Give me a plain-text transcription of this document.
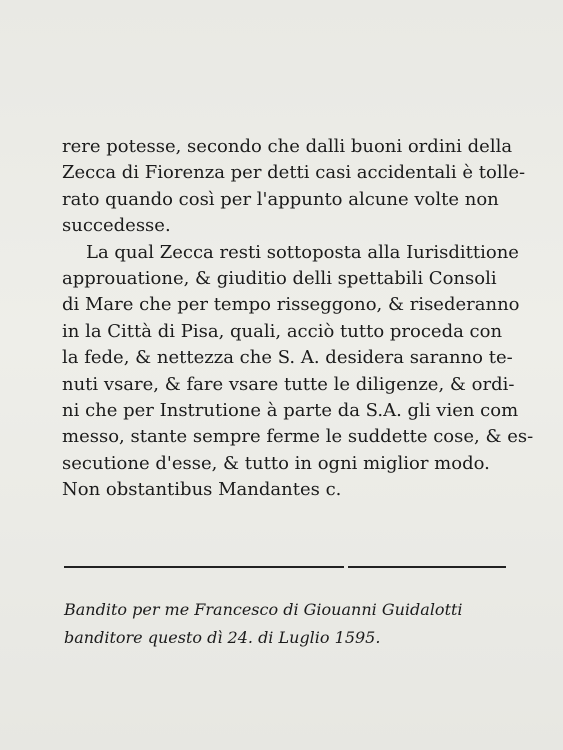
rere potesse, secondo che dalli buoni ordini della
Zecca di Fiorenza per detti casi accidentali è tolle-
rato quando così per l'appunto alcune volte non
succedesse.
La qual Zecca resti sottoposta alla Iurisdittione
approuatione, & giuditio delli spettabili Consoli
di Mare che per tempo risseggono, & risederanno
in la Città di Pisa, quali, acciò tutto proceda con
la fede, & nettezza che S. A. desidera saranno te-
nuti vsare, & fare vsare tutte le diligenze, & ordi-
ni che per Instrutione à parte da S.A. gli vien com
messo, stante sempre ferme le suddette cose, & es-
secutione d'esse, & tutto in ogni miglior modo.
Non obstantibus Mandantes c.
Bandito per me Francesco di Giouanni Guidalotti
banditore questo dì 24. di Luglio 1595.
